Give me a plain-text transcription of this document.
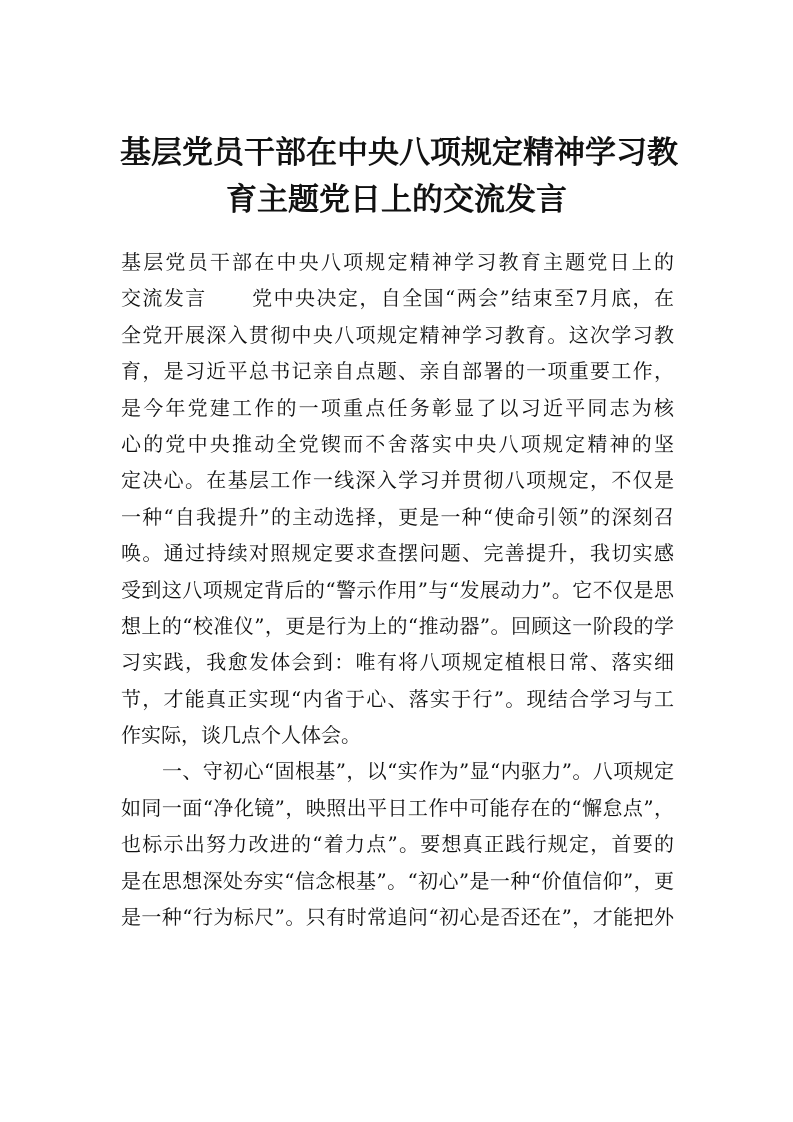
基层党员干部在中央八项规定精神学习教
育主题党日上的交流发言
基层党员干部在中央八项规定精神学习教育主题党日上的
交流发言 党中央决定，自全国“两会”结束至7月底，在
全党开展深入贯彻中央八项规定精神学习教育。这次学习教
育，是习近平总书记亲自点题、亲自部署的一项重要工作，
是今年党建工作的一项重点任务彰显了以习近平同志为核
心的党中央推动全党锲而不舍落实中央八项规定精神的坚
定决心。在基层工作一线深入学习并贯彻八项规定，不仅是
一种“自我提升”的主动选择，更是一种“使命引领”的深刻召
唤。通过持续对照规定要求查摆问题、完善提升，我切实感
受到这八项规定背后的“警示作用”与“发展动力”。它不仅是思
想上的“校准仪”，更是行为上的“推动器”。回顾这一阶段的学
习实践，我愈发体会到：唯有将八项规定植根日常、落实细
节，才能真正实现“内省于心、落实于行”。现结合学习与工
作实际，谈几点个人体会。
一、守初心“固根基”，以“实作为”显“内驱力”。八项规定
如同一面“净化镜”，映照出平日工作中可能存在的“懈怠点”，
也标示出努力改进的“着力点”。要想真正践行规定，首要的
是在思想深处夯实“信念根基”。“初心”是一种“价值信仰”，更
是一种“行为标尺”。只有时常追问“初心是否还在”，才能把外
